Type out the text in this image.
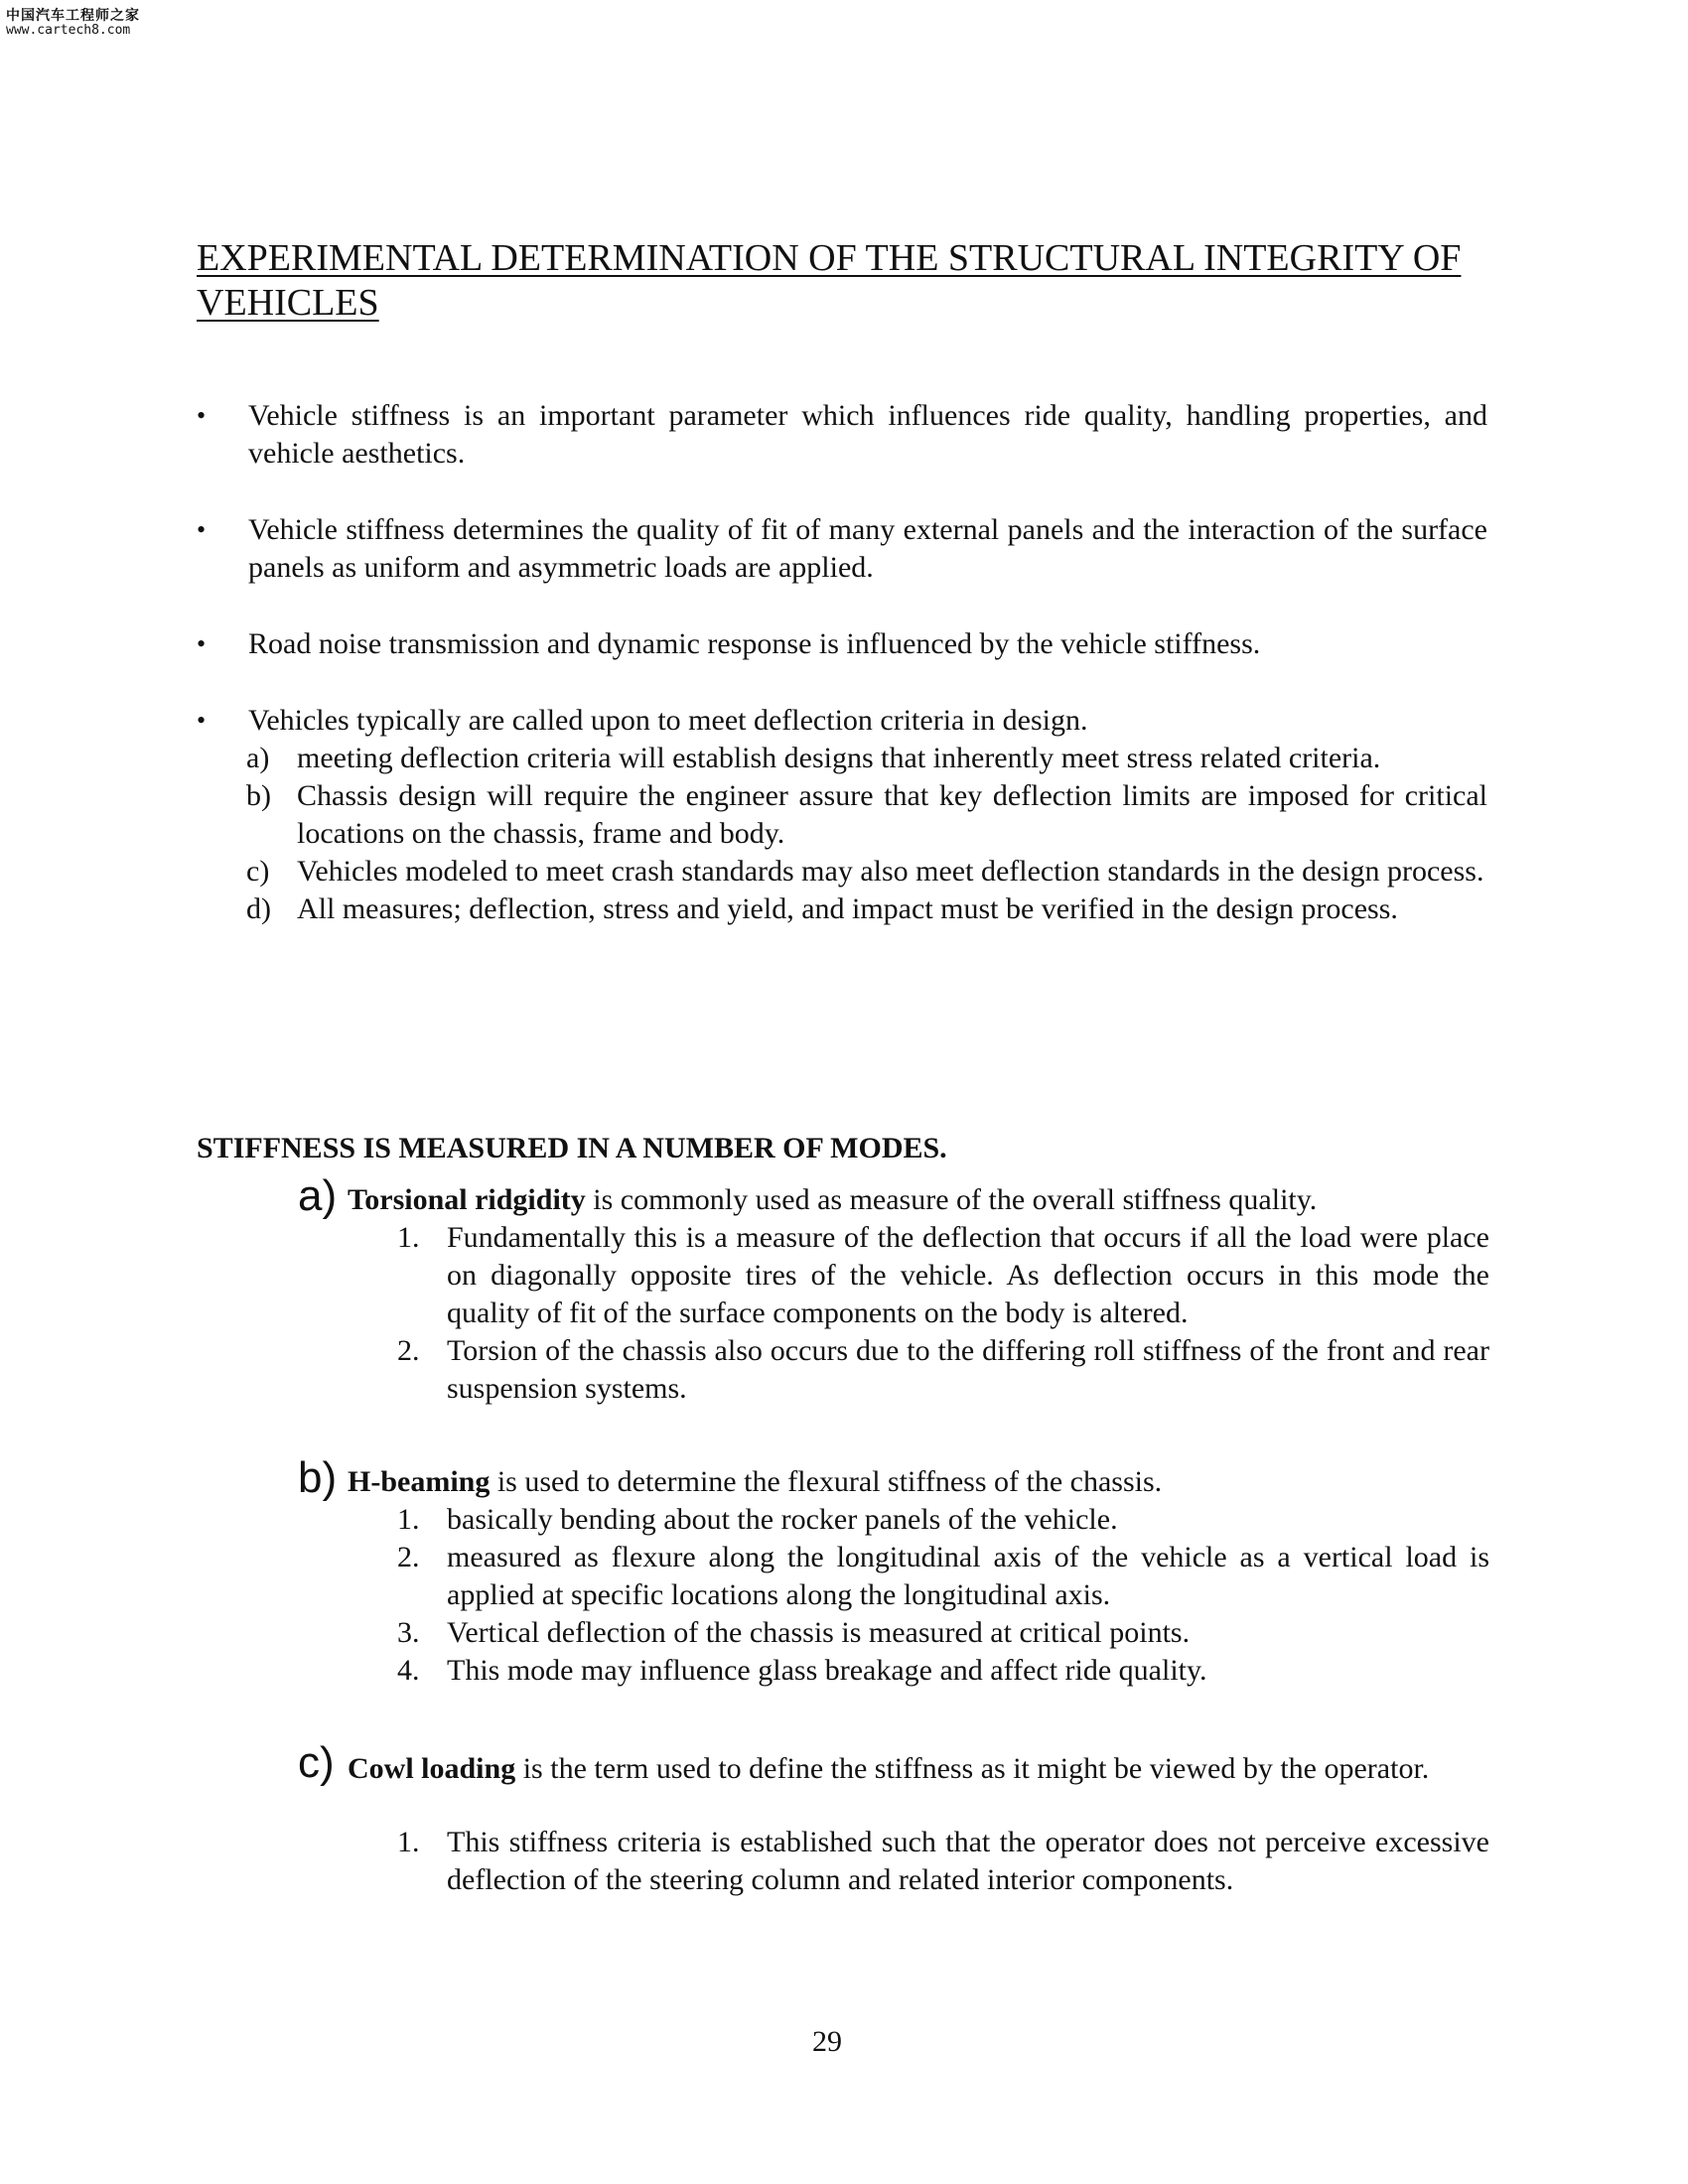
中国汽车工程师之家
www.cartech8.com
EXPERIMENTAL DETERMINATION OF THE STRUCTURAL INTEGRITY OF VEHICLES
• Vehicle stiffness is an important parameter which influences ride quality, handling properties, and vehicle aesthetics.
• Vehicle stiffness determines the quality of fit of many external panels and the interaction of the surface panels as uniform and asymmetric loads are applied.
• Road noise transmission and dynamic response is influenced by the vehicle stiffness.
• Vehicles typically are called upon to meet deflection criteria in design.
a) meeting deflection criteria will establish designs that inherently meet stress related criteria.
b) Chassis design will require the engineer assure that key deflection limits are imposed for critical locations on the chassis, frame and body.
c) Vehicles modeled to meet crash standards may also meet deflection standards in the design process.
d) All measures; deflection, stress and yield, and impact must be verified in the design process.
STIFFNESS IS MEASURED IN A NUMBER OF MODES.
a) Torsional ridgidity is commonly used as measure of the overall stiffness quality.
1. Fundamentally this is a measure of the deflection that occurs if all the load were place on diagonally opposite tires of the vehicle. As deflection occurs in this mode the quality of fit of the surface components on the body is altered.
2. Torsion of the chassis also occurs due to the differing roll stiffness of the front and rear suspension systems.
b) H-beaming is used to determine the flexural stiffness of the chassis.
1. basically bending about the rocker panels of the vehicle.
2. measured as flexure along the longitudinal axis of the vehicle as a vertical load is applied at specific locations along the longitudinal axis.
3. Vertical deflection of the chassis is measured at critical points.
4. This mode may influence glass breakage and affect ride quality.
c) Cowl loading is the term used to define the stiffness as it might be viewed by the operator.
1. This stiffness criteria is established such that the operator does not perceive excessive deflection of the steering column and related interior components.
29
